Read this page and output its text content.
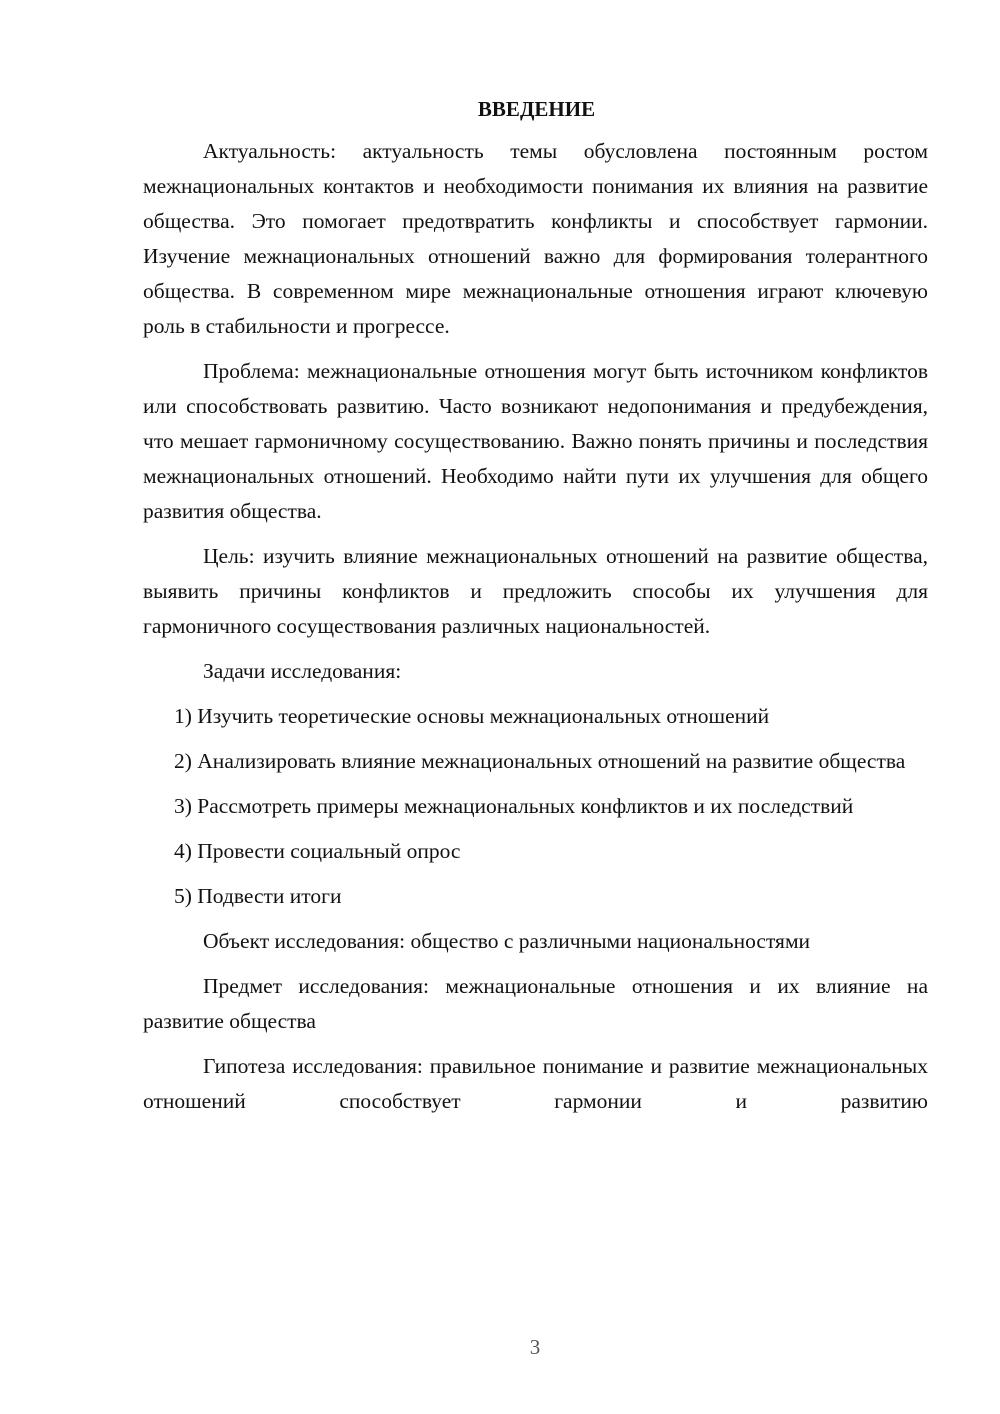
ВВЕДЕНИЕ

Актуальность: актуальность темы обусловлена постоянным ростом межнациональных контактов и необходимости понимания их влияния на развитие общества. Это помогает предотвратить конфликты и способствует гармонии. Изучение межнациональных отношений важно для формирования толерантного общества. В современном мире межнациональные отношения играют ключевую роль в стабильности и прогрессе.

Проблема: межнациональные отношения могут быть источником конфликтов или способствовать развитию. Часто возникают недопонимания и предубеждения, что мешает гармоничному сосуществованию. Важно понять причины и последствия межнациональных отношений. Необходимо найти пути их улучшения для общего развития общества.

Цель: изучить влияние межнациональных отношений на развитие общества, выявить причины конфликтов и предложить способы их улучшения для гармоничного сосуществования различных национальностей.

Задачи исследования:

1) Изучить теоретические основы межнациональных отношений

2) Анализировать влияние межнациональных отношений на развитие общества

3) Рассмотреть примеры межнациональных конфликтов и их последствий

4) Провести социальный опрос

5) Подвести итоги

Объект исследования: общество с различными национальностями

Предмет исследования: межнациональные отношения и их влияние на развитие общества

Гипотеза исследования: правильное понимание и развитие межнациональных отношений способствует гармонии и развитию

3
